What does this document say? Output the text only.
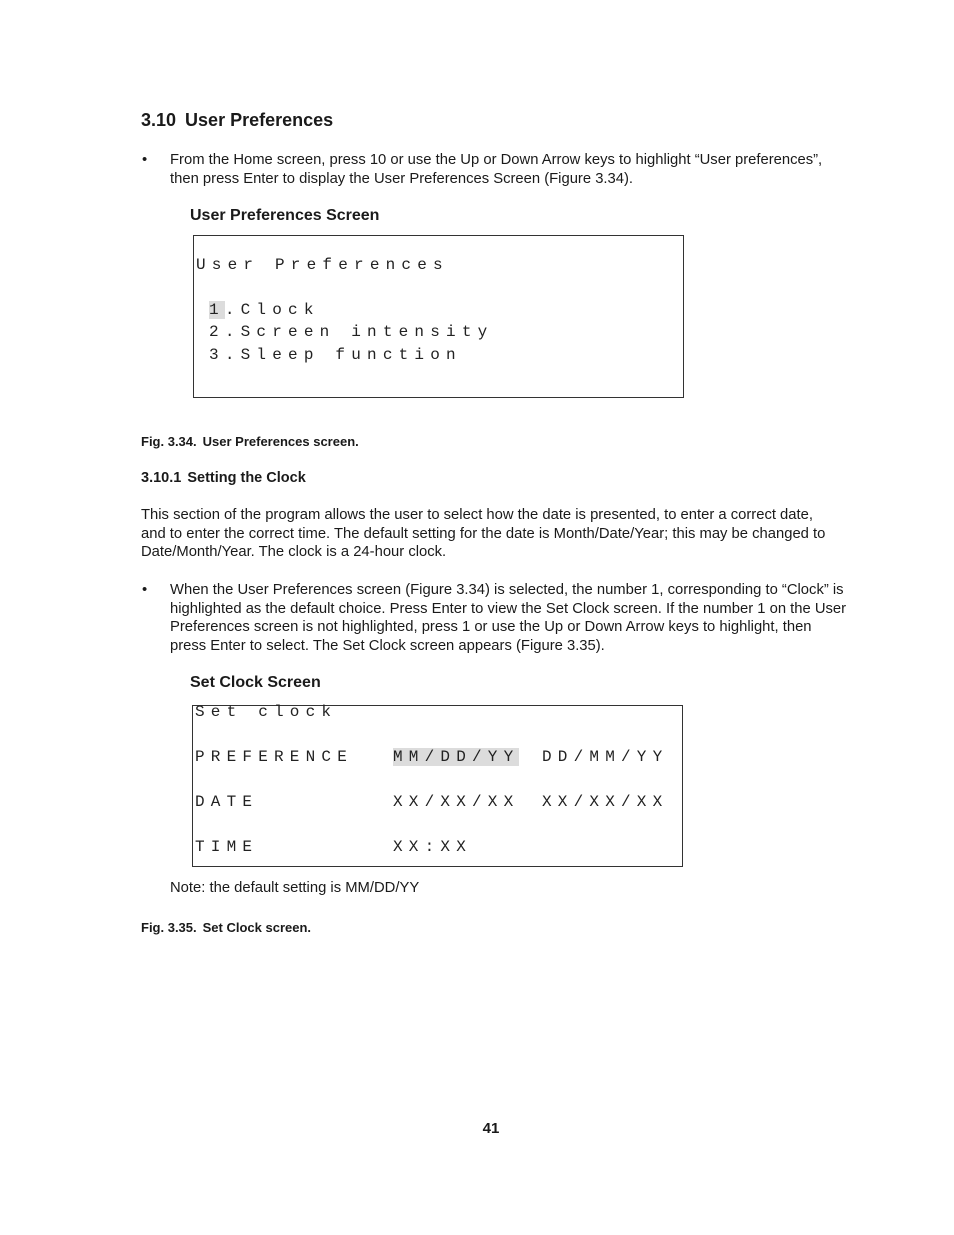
3.10 User Preferences
• From the Home screen, press 10 or use the Up or Down Arrow keys to highlight “User preferences”, then press Enter to display the User Preferences Screen (Figure 3.34).
User Preferences Screen
User Preferences
1.Clock
2.Screen intensity
3.Sleep function
Fig. 3.34. User Preferences screen.
3.10.1 Setting the Clock
This section of the program allows the user to select how the date is presented, to enter a correct date, and to enter the correct time. The default setting for the date is Month/Date/Year; this may be changed to Date/Month/Year. The clock is a 24-hour clock.
• When the User Preferences screen (Figure 3.34) is selected, the number 1, corresponding to “Clock” is highlighted as the default choice. Press Enter to view the Set Clock screen. If the number 1 on the User Preferences screen is not highlighted, press 1 or use the Up or Down Arrow keys to highlight, then press Enter to select. The Set Clock screen appears (Figure 3.35).
Set Clock Screen
Set clock
PREFERENCE MM/DD/YY DD/MM/YY
DATE	XX/XX/XX XX/XX/XX
TIME	XX:XX
Note: the default setting is MM/DD/YY
Fig. 3.35. Set Clock screen.
41
